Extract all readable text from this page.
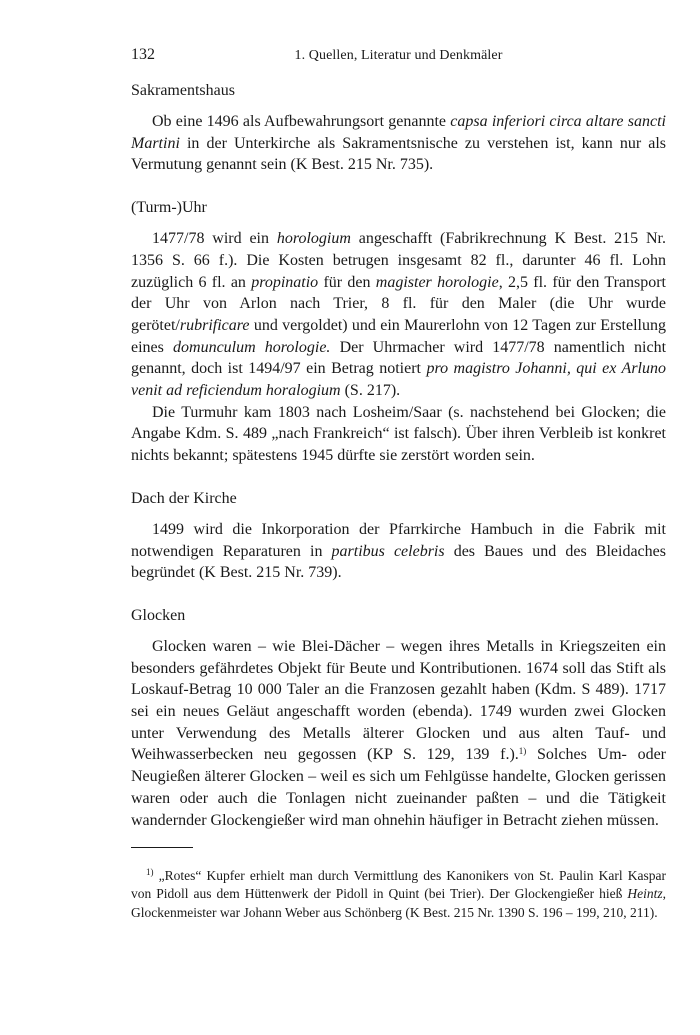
132	1. Quellen, Literatur und Denkmäler
Sakramentshaus

Ob eine 1496 als Aufbewahrungsort genannte capsa inferiori circa altare sancti Martini in der Unterkirche als Sakramentsnische zu verstehen ist, kann nur als Vermutung genannt sein (K Best. 215 Nr. 735).

(Turm-)Uhr

1477/78 wird ein horologium angeschafft (Fabrikrechnung K Best. 215 Nr. 1356 S. 66 f.). Die Kosten betrugen insgesamt 82 fl., darunter 46 fl. Lohn zuzüglich 6 fl. an propinatio für den magister horologie, 2,5 fl. für den Transport der Uhr von Arlon nach Trier, 8 fl. für den Maler (die Uhr wurde gerötet/rubrificare und vergoldet) und ein Maurerlohn von 12 Tagen zur Erstellung eines domunculum horologie. Der Uhrmacher wird 1477/78 namentlich nicht genannt, doch ist 1494/97 ein Betrag notiert pro magistro Johanni, qui ex Arluno venit ad reficiendum horalogium (S. 217).

Die Turmuhr kam 1803 nach Losheim/Saar (s. nachstehend bei Glocken; die Angabe Kdm. S. 489 „nach Frankreich“ ist falsch). Über ihren Verbleib ist konkret nichts bekannt; spätestens 1945 dürfte sie zerstört worden sein.

Dach der Kirche

1499 wird die Inkorporation der Pfarrkirche Hambuch in die Fabrik mit notwendigen Reparaturen in partibus celebris des Baues und des Bleidaches begründet (K Best. 215 Nr. 739).

Glocken

Glocken waren – wie Blei-Dächer – wegen ihres Metalls in Kriegszeiten ein besonders gefährdetes Objekt für Beute und Kontributionen. 1674 soll das Stift als Loskauf-Betrag 10 000 Taler an die Franzosen gezahlt haben (Kdm. S 489). 1717 sei ein neues Geläut angeschafft worden (ebenda). 1749 wurden zwei Glocken unter Verwendung des Metalls älterer Glocken und aus alten Tauf- und Weihwasserbecken neu gegossen (KP S. 129, 139 f.).$^{1)}$ Solches Um- oder Neugießen älterer Glocken – weil es sich um Fehlgüsse handelte, Glocken gerissen waren oder auch die Tonlagen nicht zueinander paßten – und die Tätigkeit wandernder Glockengießer wird man ohnehin häufiger in Betracht ziehen müssen.

$^{1)}$ „Rotes“ Kupfer erhielt man durch Vermittlung des Kanonikers von St. Paulin Karl Kaspar von Pidoll aus dem Hüttenwerk der Pidoll in Quint (bei Trier). Der Glockengießer hieß Heintz, Glockenmeister war Johann Weber aus Schönberg (K Best. 215 Nr. 1390 S. 196 – 199, 210, 211).
